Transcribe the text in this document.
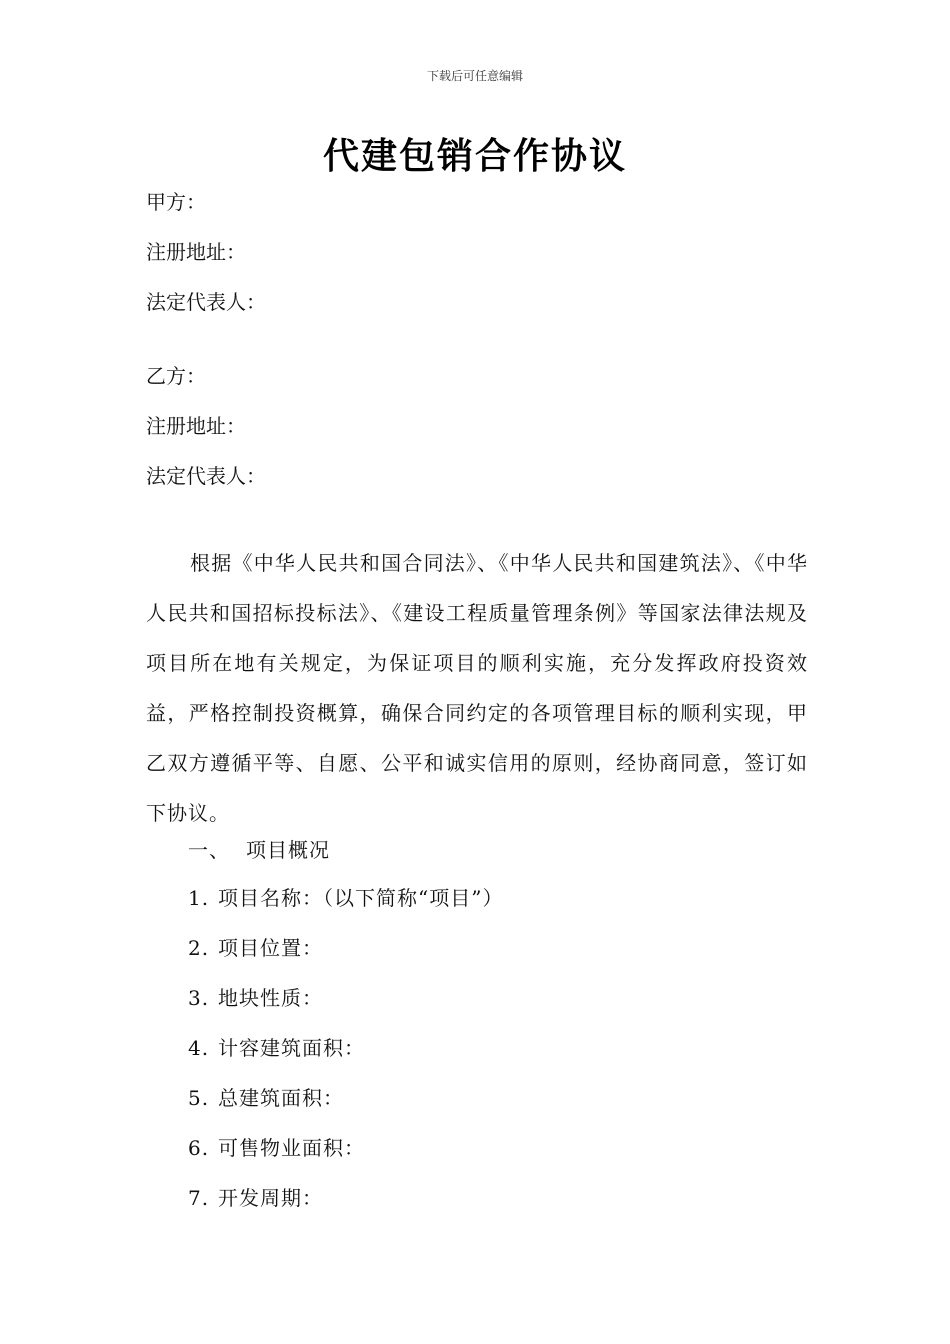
下载后可任意编辑
代建包销合作协议
甲方：
注册地址：
法定代表人：
乙方：
注册地址：
法定代表人：
根据《中华人民共和国合同法》、《中华人民共和国建筑法》、《中华人民共和国招标投标法》、《建设工程质量管理条例》等国家法律法规及项目所在地有关规定，为保证项目的顺利实施，充分发挥政府投资效益，严格控制投资概算，确保合同约定的各项管理目标的顺利实现，甲乙双方遵循平等、自愿、公平和诚实信用的原则，经协商同意，签订如下协议。
一、 项目概况
1. 项目名称：（以下简称“项目”）
2. 项目位置：
3. 地块性质：
4. 计容建筑面积：
5. 总建筑面积：
6. 可售物业面积：
7. 开发周期：
